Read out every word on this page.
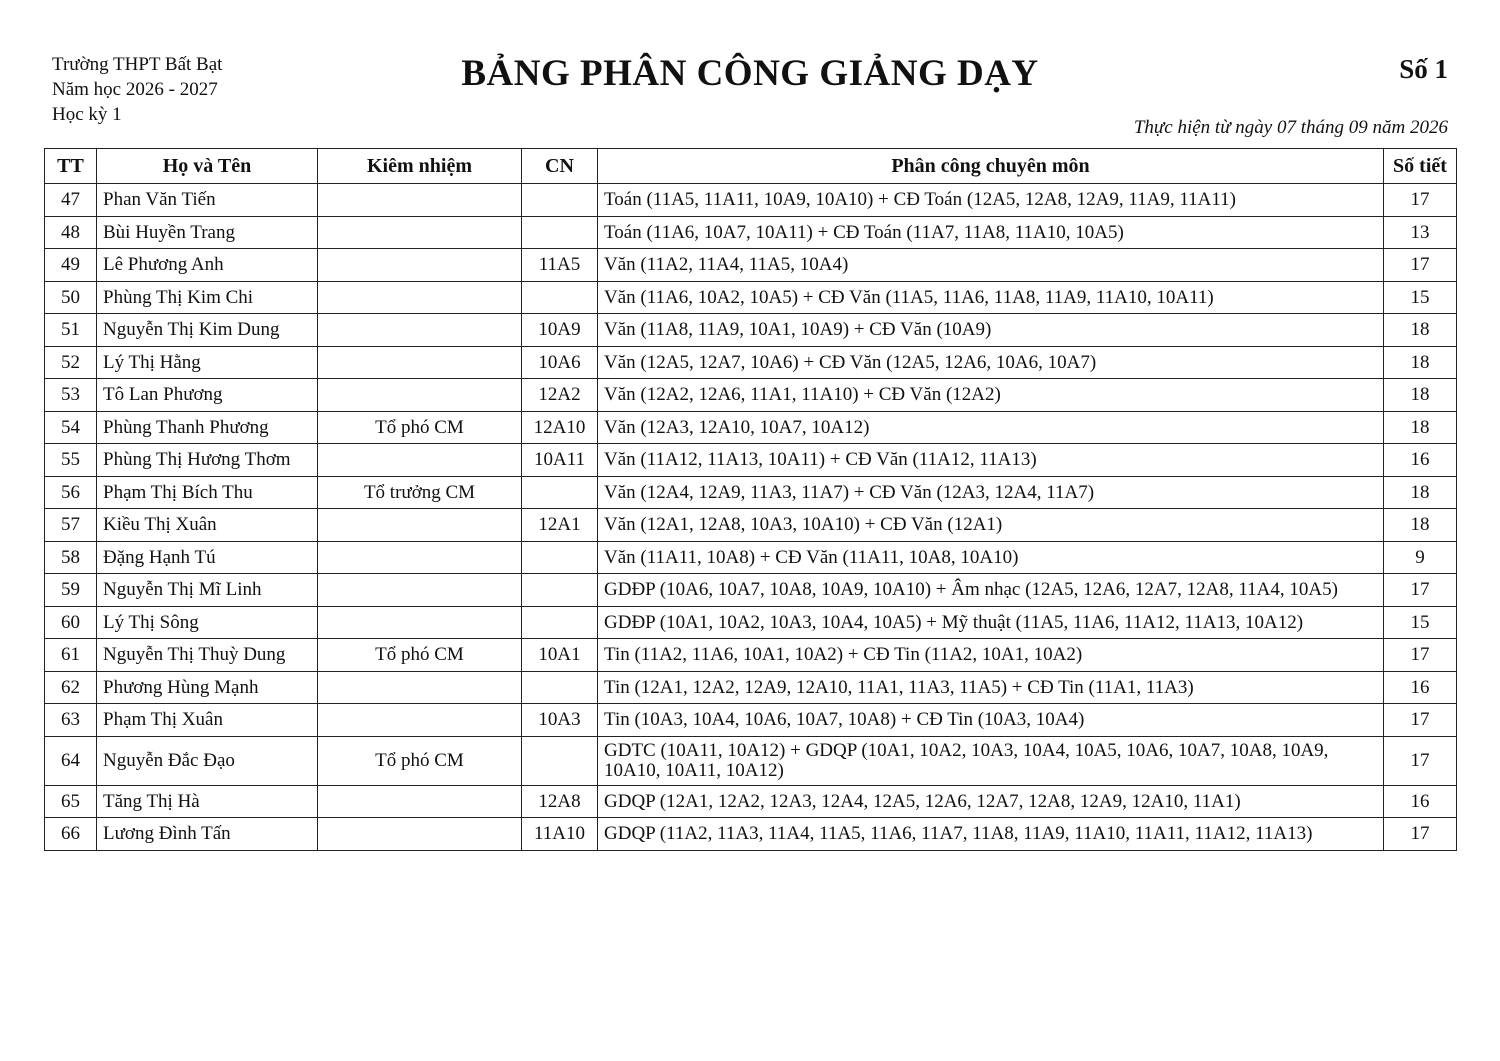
Trường THPT Bất Bạt
Năm học 2026 - 2027
Học kỳ 1
BẢNG PHÂN CÔNG GIẢNG DẠY	Số 1
Thực hiện từ ngày 07 tháng 09 năm 2026
TT	Họ và Tên	Kiêm nhiệm	CN	Phân công chuyên môn	Số tiết
47	Phan Văn Tiến			Toán (11A5, 11A11, 10A9, 10A10) + CĐ Toán (12A5, 12A8, 12A9, 11A9, 11A11)	17
48	Bùi Huyền Trang			Toán (11A6, 10A7, 10A11) + CĐ Toán (11A7, 11A8, 11A10, 10A5)	13
49	Lê Phương Anh		11A5	Văn (11A2, 11A4, 11A5, 10A4)	17
50	Phùng Thị Kim Chi			Văn (11A6, 10A2, 10A5) + CĐ Văn (11A5, 11A6, 11A8, 11A9, 11A10, 10A11)	15
51	Nguyễn Thị Kim Dung		10A9	Văn (11A8, 11A9, 10A1, 10A9) + CĐ Văn (10A9)	18
52	Lý Thị Hằng		10A6	Văn (12A5, 12A7, 10A6) + CĐ Văn (12A5, 12A6, 10A6, 10A7)	18
53	Tô Lan Phương		12A2	Văn (12A2, 12A6, 11A1, 11A10) + CĐ Văn (12A2)	18
54	Phùng Thanh Phương	Tổ phó CM	12A10	Văn (12A3, 12A10, 10A7, 10A12)	18
55	Phùng Thị Hương Thơm		10A11	Văn (11A12, 11A13, 10A11) + CĐ Văn (11A12, 11A13)	16
56	Phạm Thị Bích Thu	Tổ trưởng CM		Văn (12A4, 12A9, 11A3, 11A7) + CĐ Văn (12A3, 12A4, 11A7)	18
57	Kiều Thị Xuân		12A1	Văn (12A1, 12A8, 10A3, 10A10) + CĐ Văn (12A1)	18
58	Đặng Hạnh Tú			Văn (11A11, 10A8) + CĐ Văn (11A11, 10A8, 10A10)	9
59	Nguyễn Thị Mĩ Linh			GDĐP (10A6, 10A7, 10A8, 10A9, 10A10) + Âm nhạc (12A5, 12A6, 12A7, 12A8, 11A4, 10A5)	17
60	Lý Thị Sông			GDĐP (10A1, 10A2, 10A3, 10A4, 10A5) + Mỹ thuật (11A5, 11A6, 11A12, 11A13, 10A12)	15
61	Nguyễn Thị Thuỳ Dung	Tổ phó CM	10A1	Tin (11A2, 11A6, 10A1, 10A2) + CĐ Tin (11A2, 10A1, 10A2)	17
62	Phương Hùng Mạnh			Tin (12A1, 12A2, 12A9, 12A10, 11A1, 11A3, 11A5) + CĐ Tin (11A1, 11A3)	16
63	Phạm Thị Xuân		10A3	Tin (10A3, 10A4, 10A6, 10A7, 10A8) + CĐ Tin (10A3, 10A4)	17
64	Nguyễn Đắc Đạo	Tổ phó CM		GDTC (10A11, 10A12) + GDQP (10A1, 10A2, 10A3, 10A4, 10A5, 10A6, 10A7, 10A8, 10A9, 10A10, 10A11, 10A12)	17
65	Tăng Thị Hà		12A8	GDQP (12A1, 12A2, 12A3, 12A4, 12A5, 12A6, 12A7, 12A8, 12A9, 12A10, 11A1)	16
66	Lương Đình Tấn		11A10	GDQP (11A2, 11A3, 11A4, 11A5, 11A6, 11A7, 11A8, 11A9, 11A10, 11A11, 11A12, 11A13)	17
